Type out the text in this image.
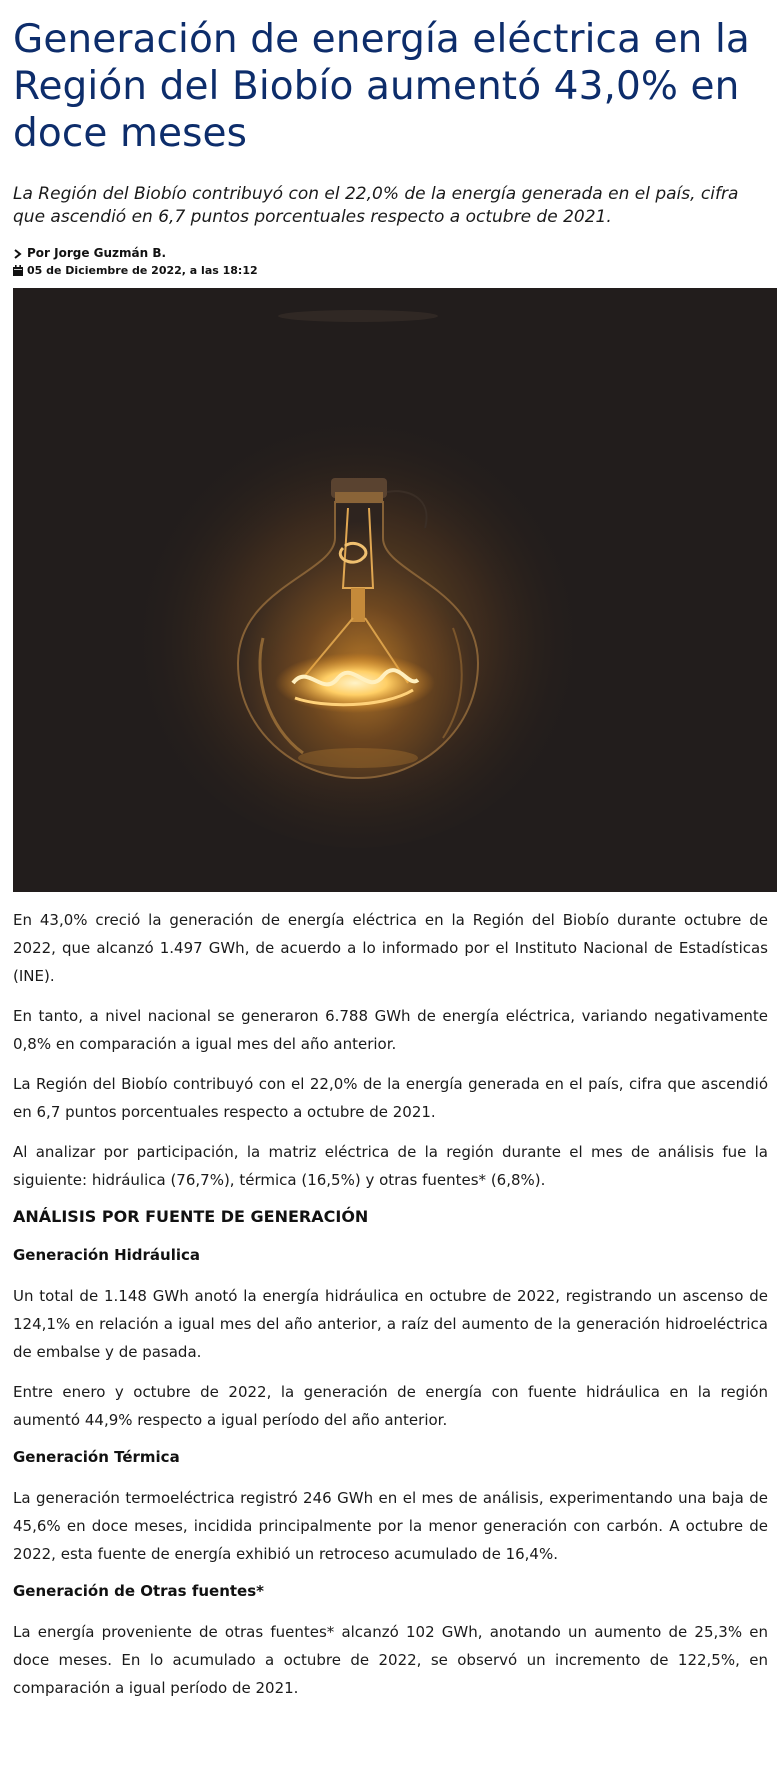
Generación de energía eléctrica en la Región del Biobío aumentó 43,0% en doce meses

La Región del Biobío contribuyó con el 22,0% de la energía generada en el país, cifra que ascendió en 6,7 puntos porcentuales respecto a octubre de 2021.

Por Jorge Guzmán B.
05 de Diciembre de 2022, a las 18:12

En 43,0% creció la generación de energía eléctrica en la Región del Biobío durante octubre de 2022, que alcanzó 1.497 GWh, de acuerdo a lo informado por el Instituto Nacional de Estadísticas (INE).

En tanto, a nivel nacional se generaron 6.788 GWh de energía eléctrica, variando negativamente 0,8% en comparación a igual mes del año anterior.

La Región del Biobío contribuyó con el 22,0% de la energía generada en el país, cifra que ascendió en 6,7 puntos porcentuales respecto a octubre de 2021.

Al analizar por participación, la matriz eléctrica de la región durante el mes de análisis fue la siguiente: hidráulica (76,7%), térmica (16,5%) y otras fuentes* (6,8%).

ANÁLISIS POR FUENTE DE GENERACIÓN
Generación Hidráulica

Un total de 1.148 GWh anotó la energía hidráulica en octubre de 2022, registrando un ascenso de 124,1% en relación a igual mes del año anterior, a raíz del aumento de la generación hidroeléctrica de embalse y de pasada.

Entre enero y octubre de 2022, la generación de energía con fuente hidráulica en la región aumentó 44,9% respecto a igual período del año anterior.

Generación Térmica

La generación termoeléctrica registró 246 GWh en el mes de análisis, experimentando una baja de 45,6% en doce meses, incidida principalmente por la menor generación con carbón. A octubre de 2022, esta fuente de energía exhibió un retroceso acumulado de 16,4%.

Generación de Otras fuentes*

La energía proveniente de otras fuentes* alcanzó 102 GWh, anotando un aumento de 25,3% en doce meses. En lo acumulado a octubre de 2022, se observó un incremento de 122,5%, en comparación a igual período de 2021.
